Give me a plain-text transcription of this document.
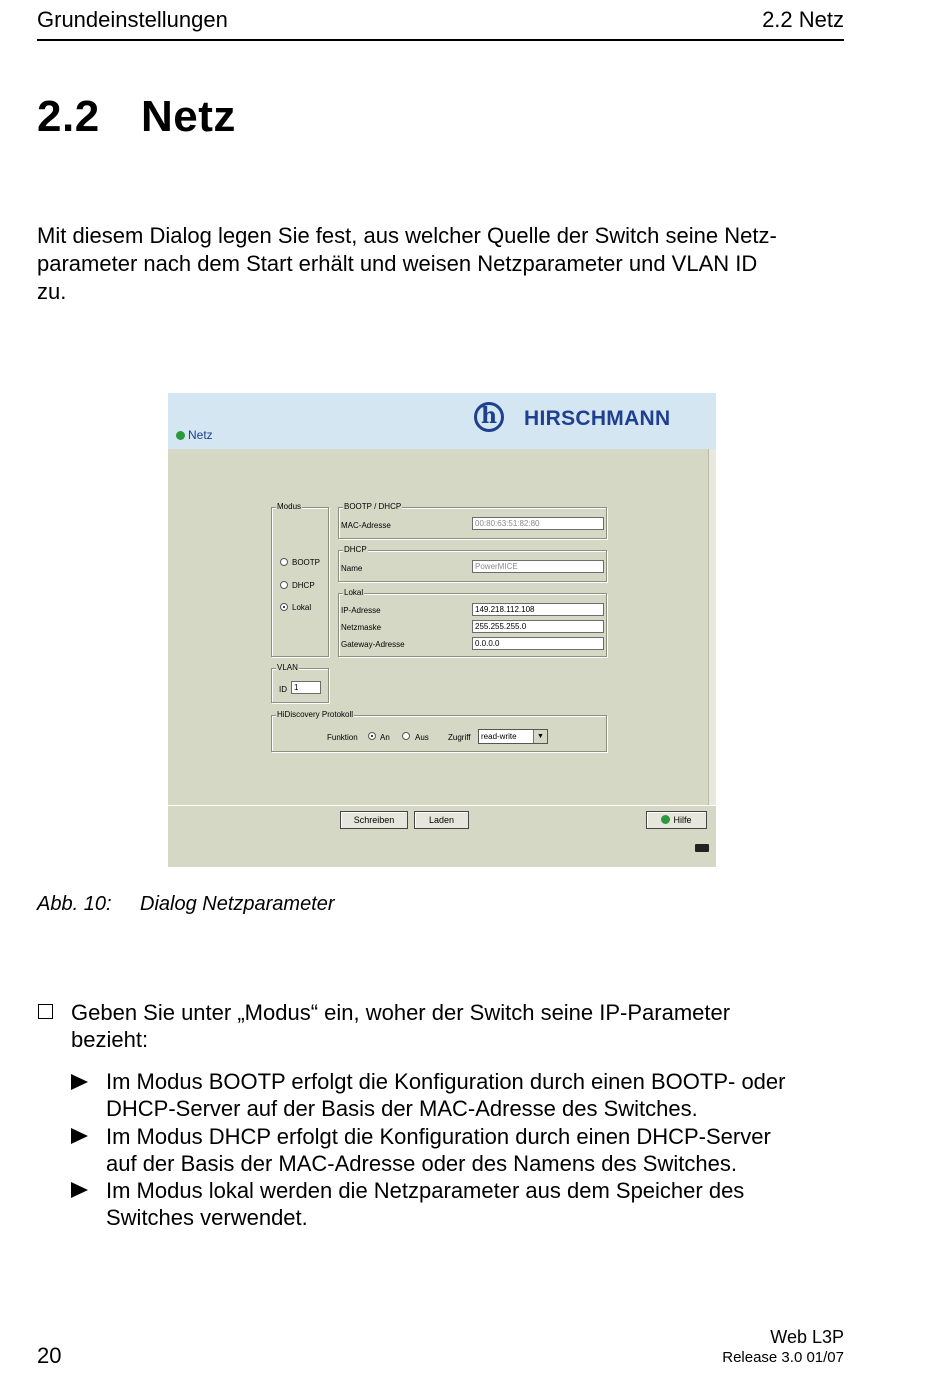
Grundeinstellungen	2.2 Netz
2.2 Netz
Mit diesem Dialog legen Sie fest, aus welcher Quelle der Switch seine Netz-
parameter nach dem Start erhält und weisen Netzparameter und VLAN ID
zu.
h	HIRSCHMANN
Netz
Modus
BOOTP
DHCP
Lokal
BOOTP / DHCP
MAC-Adresse	00:80:63:51:82:80
DHCP
Name	PowerMICE
Lokal
IP-Adresse	149.218.112.108
Netzmaske	255.255.255.0
Gateway-Adresse	0.0.0.0
VLAN
ID 1
HiDiscovery Protokoll
Funktion	An	Aus Zugriff	read-write	▼
Schreiben	Laden	Hilfe
Abb. 10: Dialog Netzparameter
Geben Sie unter „Modus“ ein, woher der Switch seine IP-Parameter
bezieht:
Im Modus BOOTP erfolgt die Konfiguration durch einen BOOTP- oder
DHCP-Server auf der Basis der MAC-Adresse des Switches.
Im Modus DHCP erfolgt die Konfiguration durch einen DHCP-Server
auf der Basis der MAC-Adresse oder des Namens des Switches.
Im Modus lokal werden die Netzparameter aus dem Speicher des
Switches verwendet.
20
Web L3P
Release 3.0 01/07
